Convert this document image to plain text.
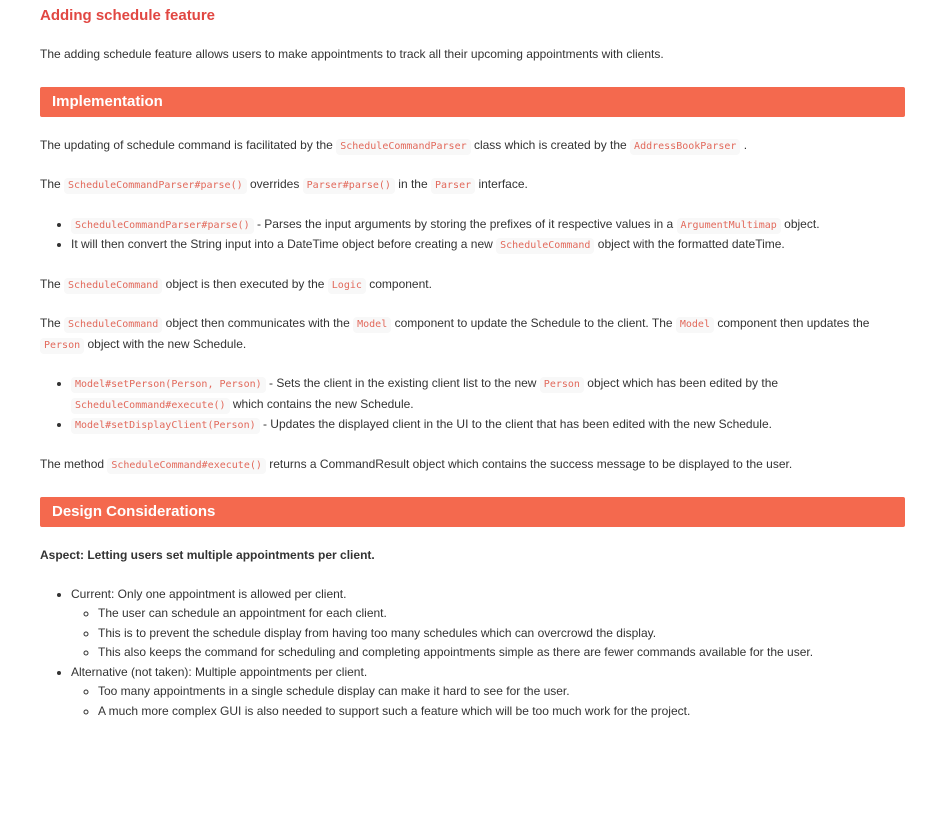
Adding schedule feature

The adding schedule feature allows users to make appointments to track all their upcoming appointments with clients.

Implementation

The updating of schedule command is facilitated by the ScheduleCommandParser class which is created by the AddressBookParser .

The ScheduleCommandParser#parse() overrides Parser#parse() in the Parser interface.

• ScheduleCommandParser#parse() - Parses the input arguments by storing the prefixes of it respective values in a ArgumentMultimap object.
• It will then convert the String input into a DateTime object before creating a new ScheduleCommand object with the formatted dateTime.

The ScheduleCommand object is then executed by the Logic component.

The ScheduleCommand object then communicates with the Model component to update the Schedule to the client. The Model component then updates the Person object with the new Schedule.

• Model#setPerson(Person, Person) - Sets the client in the existing client list to the new Person object which has been edited by the ScheduleCommand#execute() which contains the new Schedule.
• Model#setDisplayClient(Person) - Updates the displayed client in the UI to the client that has been edited with the new Schedule.

The method ScheduleCommand#execute() returns a CommandResult object which contains the success message to be displayed to the user.

Design Considerations

Aspect: Letting users set multiple appointments per client.

• Current: Only one appointment is allowed per client.
◦ The user can schedule an appointment for each client.
◦ This is to prevent the schedule display from having too many schedules which can overcrowd the display.
◦ This also keeps the command for scheduling and completing appointments simple as there are fewer commands available for the user.
• Alternative (not taken): Multiple appointments per client.
◦ Too many appointments in a single schedule display can make it hard to see for the user.
◦ A much more complex GUI is also needed to support such a feature which will be too much work for the project.
